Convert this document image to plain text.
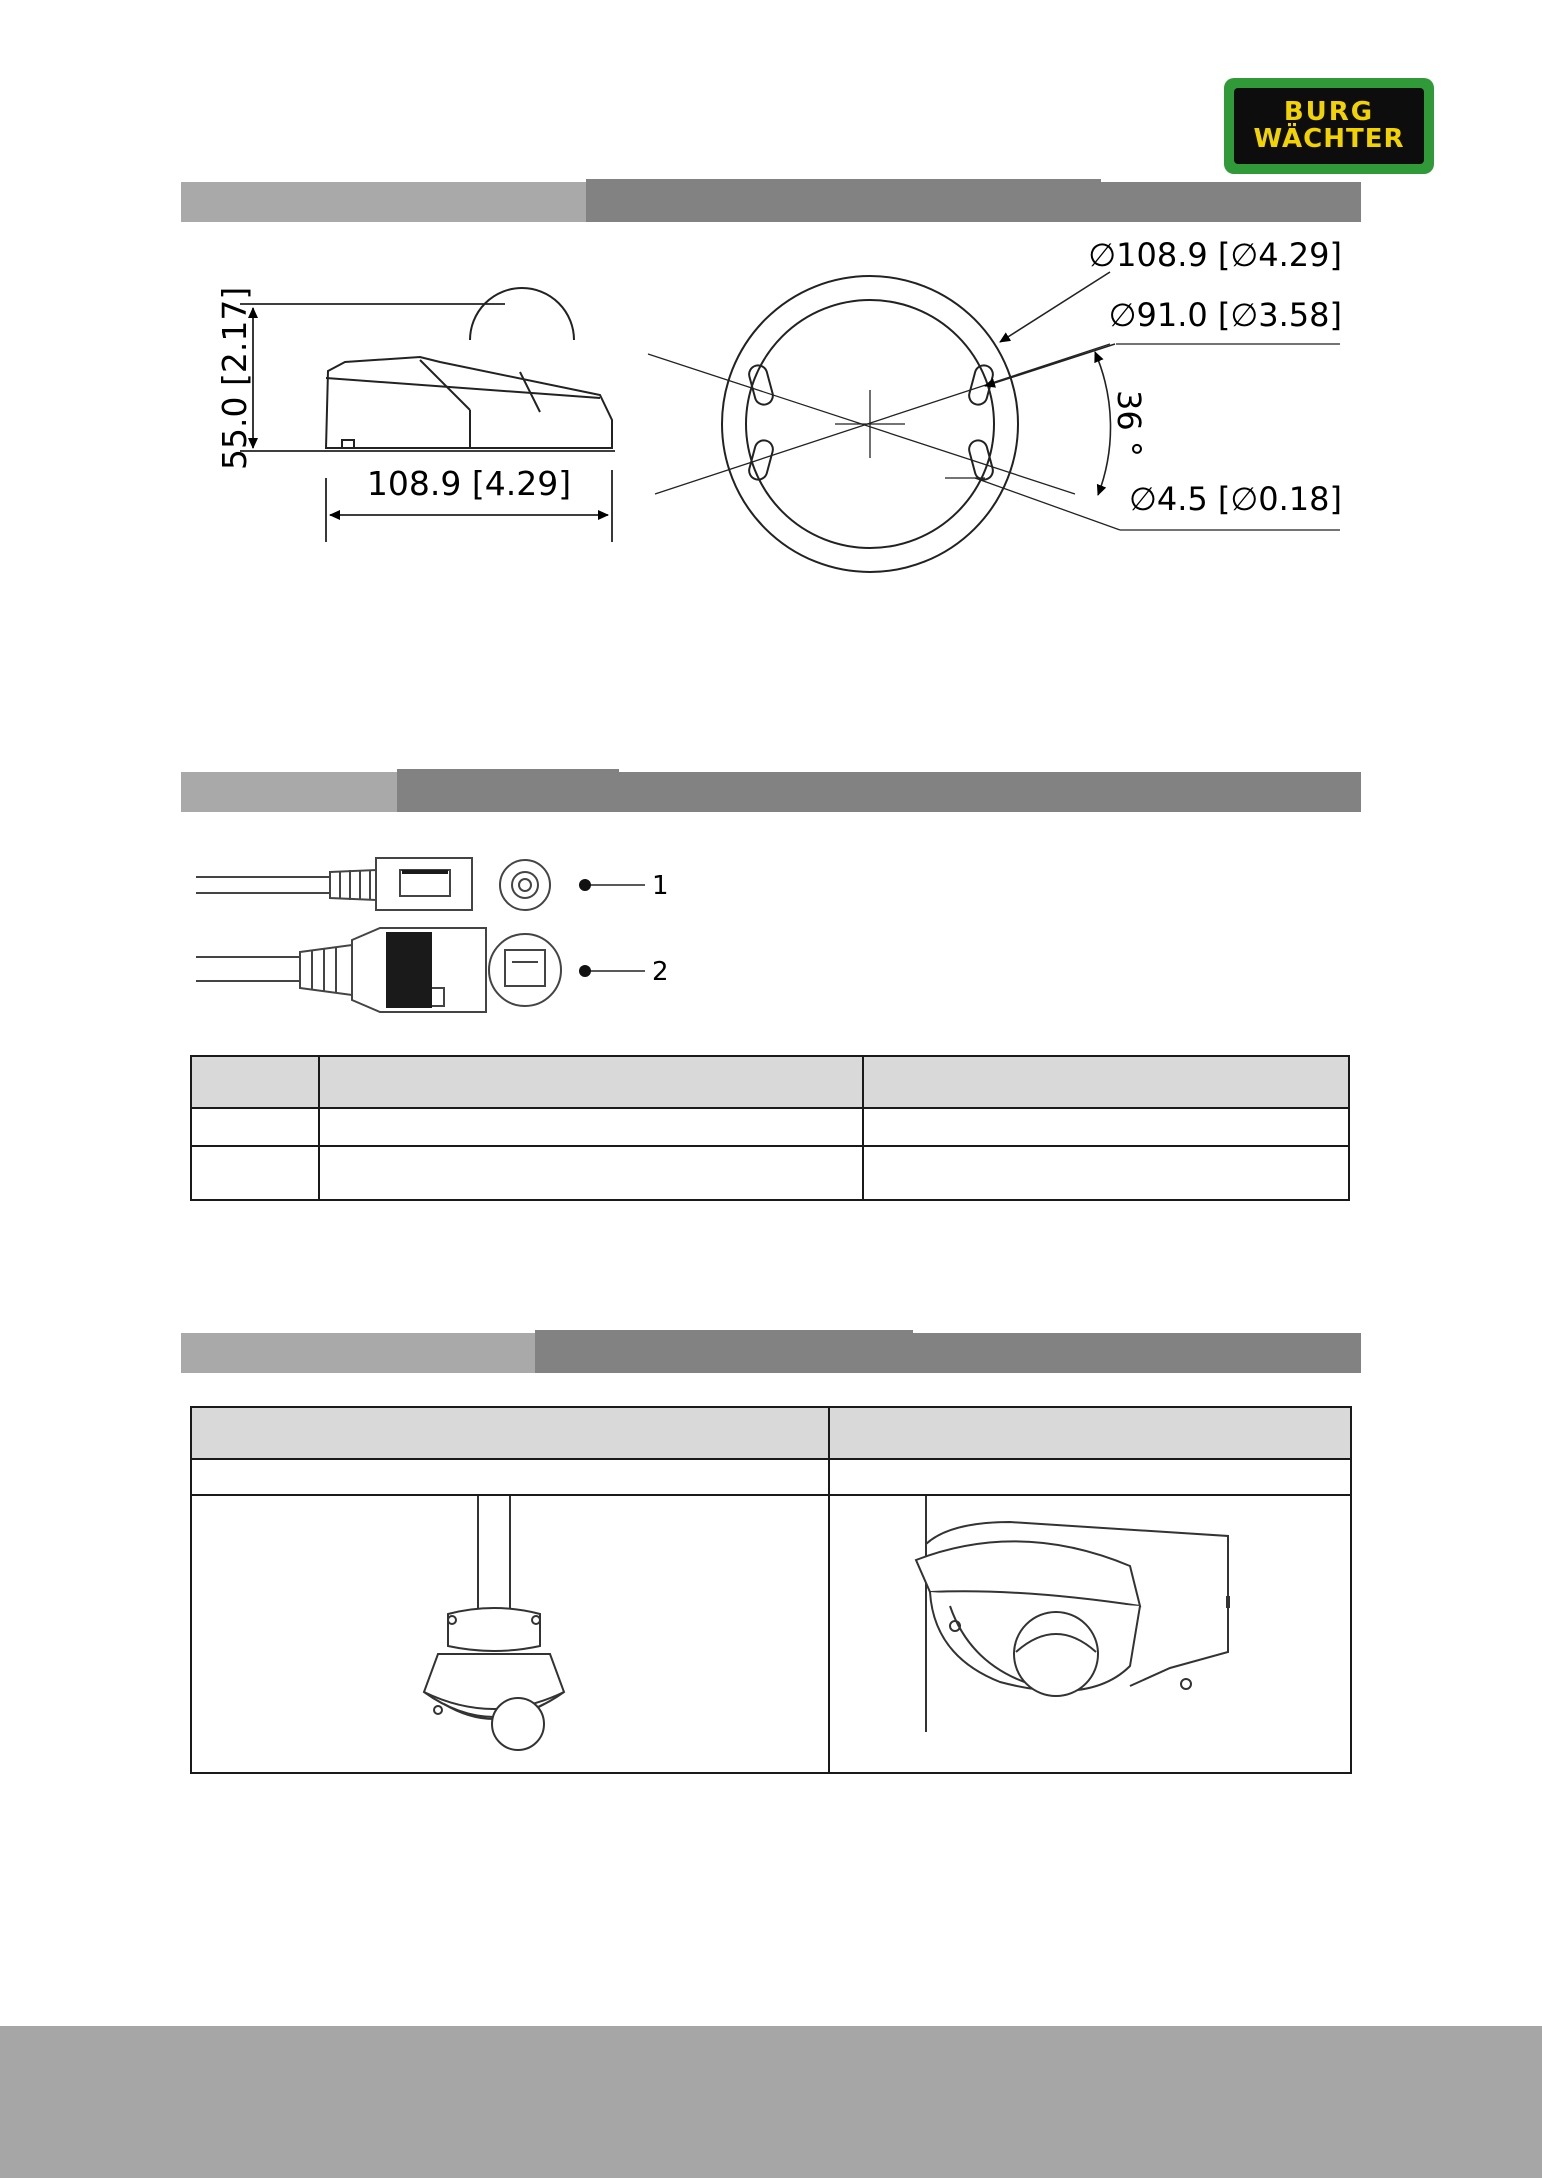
BURG
WÄCHTER
55.0 [2.17]
108.9 [4.29]
∅108.9 [∅4.29]
∅91.0 [∅3.58]
∅4.5 [∅0.18]
36 °
1
2
